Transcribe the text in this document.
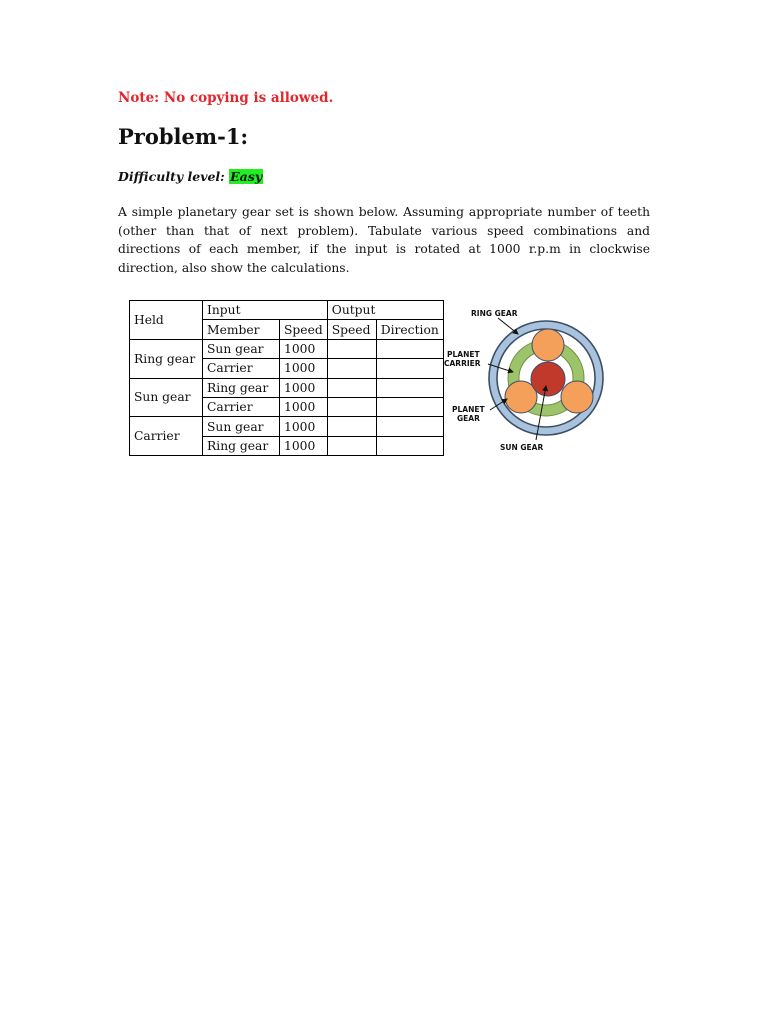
Note: No copying is allowed.
Problem-1:
Difficulty level: Easy
A simple planetary gear set is shown below. Assuming appropriate number of teeth (other than that of next problem). Tabulate various speed combinations and directions of each member, if the input is rotated at 1000 r.p.m in clockwise direction, also show the calculations.
Held	Input		Output	
	Member	Speed	Speed	Direction
Ring gear	Sun gear	1000		
	Carrier	1000		
Sun gear	Ring gear	1000		
	Carrier	1000		
Carrier	Sun gear	1000		
	Ring gear	1000		
RING GEAR
PLANET
CARRIER
PLANET
GEAR
SUN GEAR
